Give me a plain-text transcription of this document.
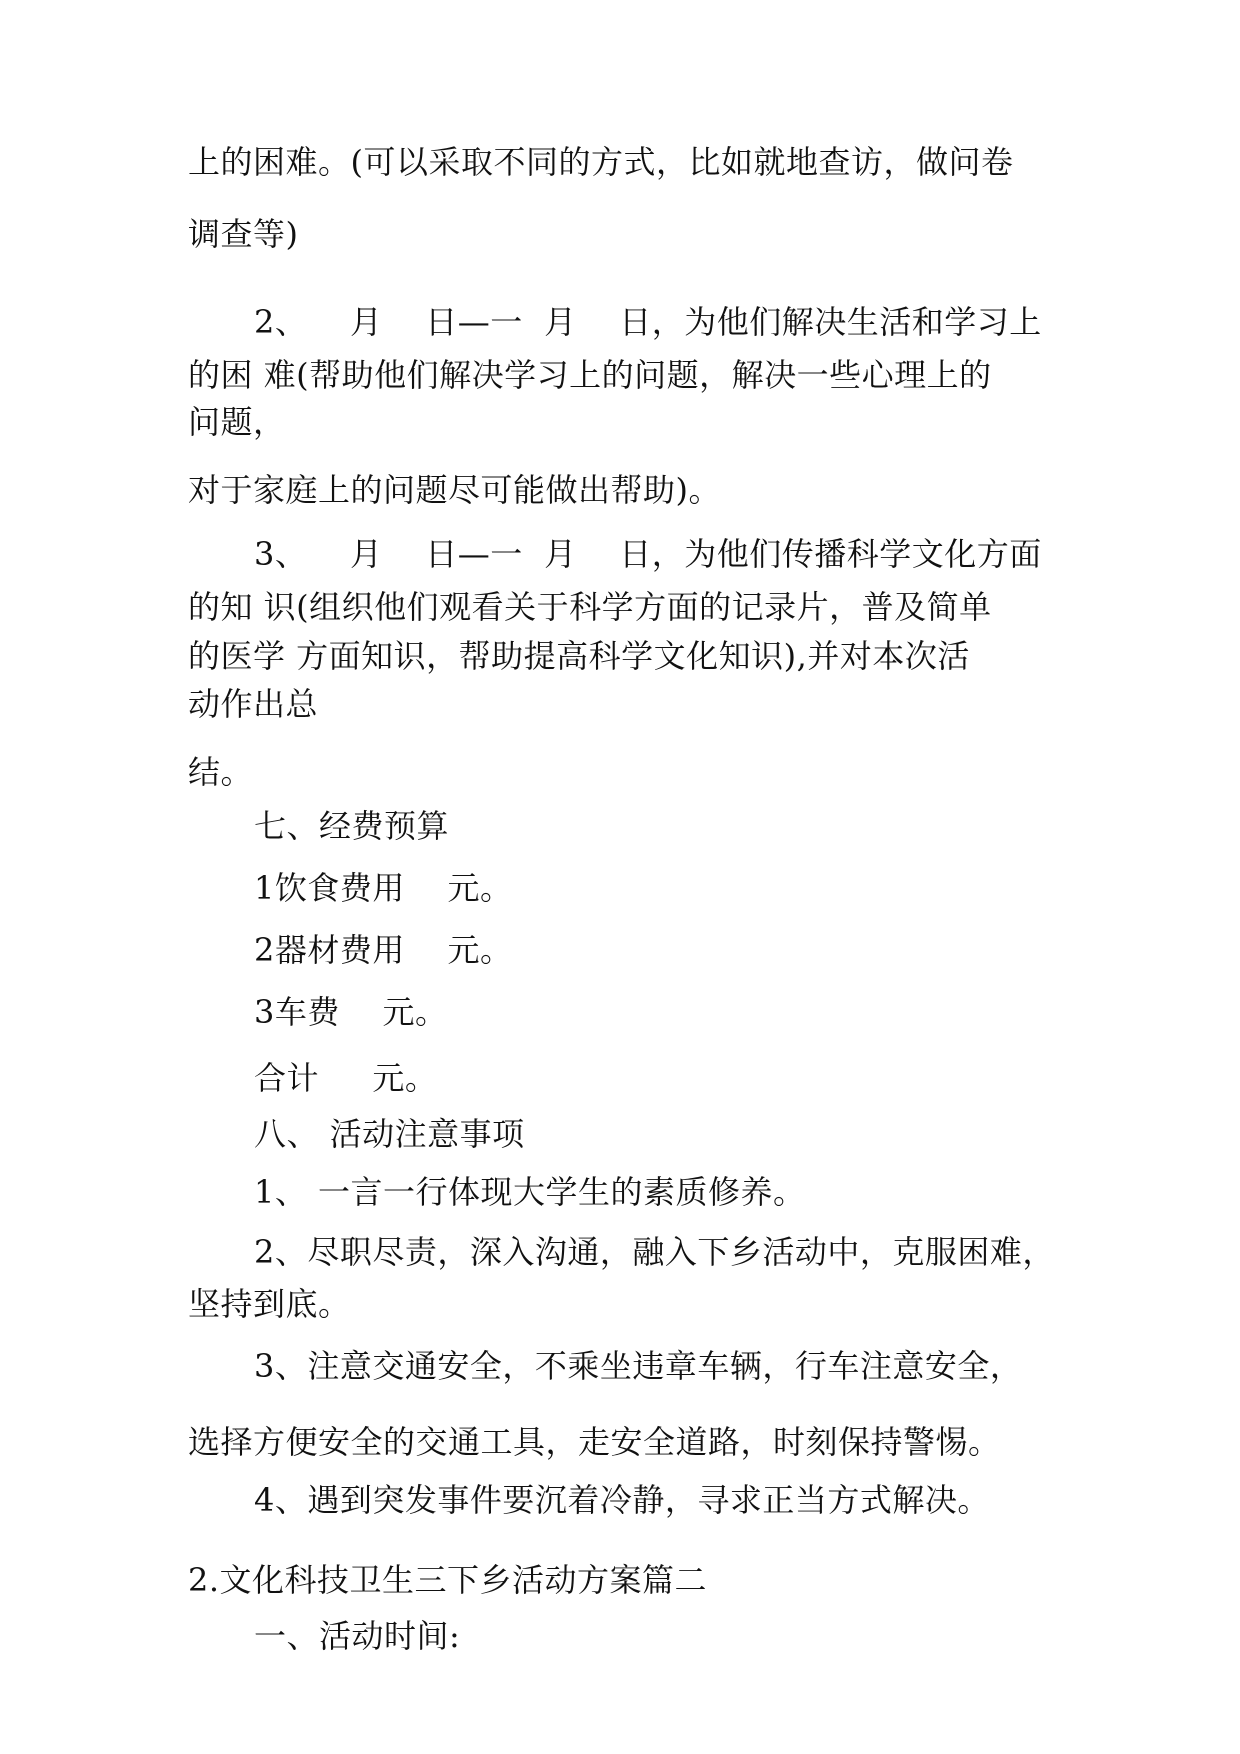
上的困难。(可以采取不同的方式，比如就地查访，做问卷
调查等)
2、    月    日—一  月    日，为他们解决生活和学习上
的困 难(帮助他们解决学习上的问题，解决一些心理上的
问题，
对于家庭上的问题尽可能做出帮助)。
3、    月    日—一  月    日，为他们传播科学文化方面
的知 识(组织他们观看关于科学方面的记录片，普及简单
的医学 方面知识，帮助提高科学文化知识),并对本次活
动作出总
结。
七、经费预算
1饮食费用    元。
2器材费用    元。
3车费    元。
合计     元。
八、 活动注意事项
1、 一言一行体现大学生的素质修养。
2、尽职尽责，深入沟通，融入下乡活动中，克服困难，
坚持到底。
3、注意交通安全，不乘坐违章车辆，行车注意安全，
选择方便安全的交通工具，走安全道路，时刻保持警惕。
4、遇到突发事件要沉着冷静，寻求正当方式解决。
2.文化科技卫生三下乡活动方案篇二
一、活动时间:
